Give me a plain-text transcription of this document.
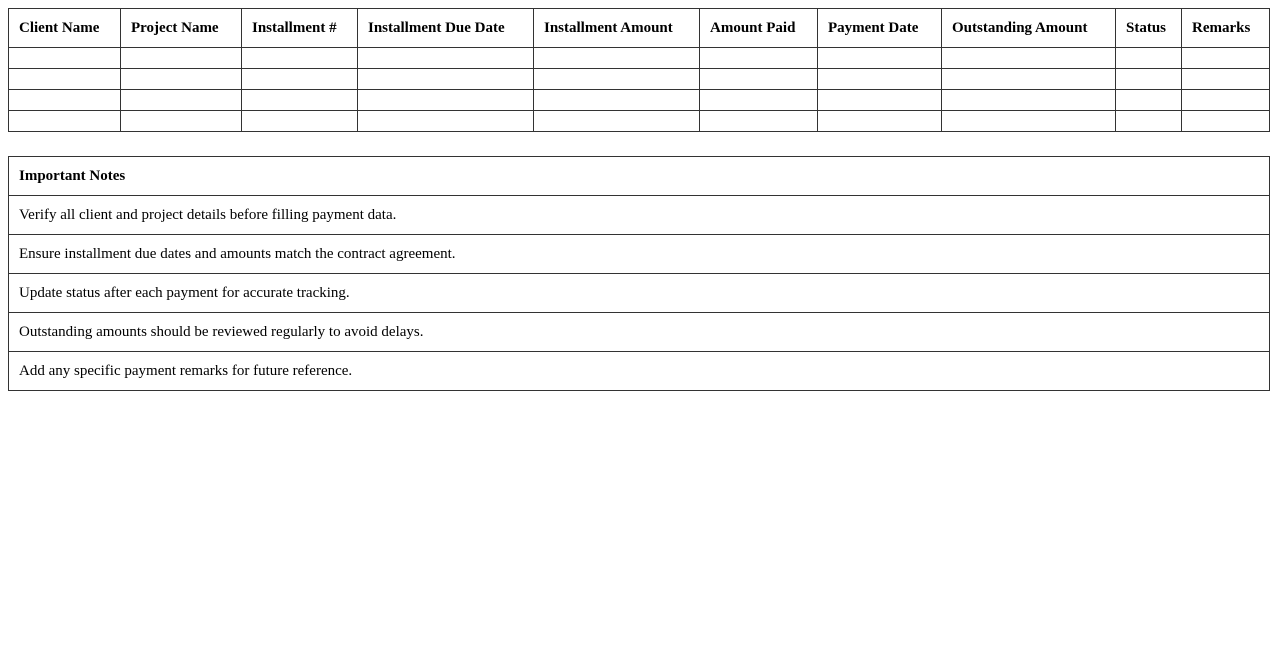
Client Name	Project Name	Installment #	Installment Due Date	Installment Amount	Amount Paid	Payment Date	Outstanding Amount	Status	Remarks

Important Notes
Verify all client and project details before filling payment data.
Ensure installment due dates and amounts match the contract agreement.
Update status after each payment for accurate tracking.
Outstanding amounts should be reviewed regularly to avoid delays.
Add any specific payment remarks for future reference.
